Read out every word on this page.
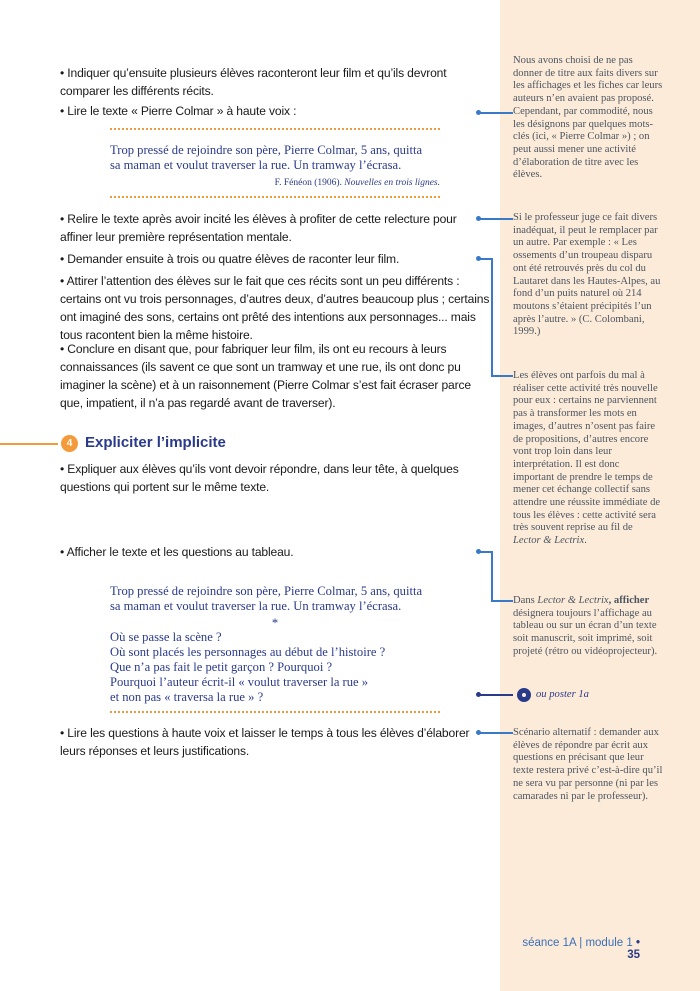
• Indiquer qu’ensuite plusieurs élèves raconteront leur film et qu’ils devront comparer les différents récits.

• Lire le texte « Pierre Colmar » à haute voix :

Trop pressé de rejoindre son père, Pierre Colmar, 5 ans, quitta
sa maman et voulut traverser la rue. Un tramway l’écrasa.
F. Fénéon (1906). Nouvelles en trois lignes.

• Relire le texte après avoir incité les élèves à profiter de cette relecture pour affiner leur première représentation mentale.

• Demander ensuite à trois ou quatre élèves de raconter leur film.

• Attirer l’attention des élèves sur le fait que ces récits sont un peu différents : certains ont vu trois personnages, d’autres deux, d’autres beaucoup plus ; certains ont imaginé des sons, certains ont prêté des intentions aux personnages... mais tous racontent bien la même histoire.

• Conclure en disant que, pour fabriquer leur film, ils ont eu recours à leurs connaissances (ils savent ce que sont un tramway et une rue, ils ont donc pu imaginer la scène) et à un raisonnement (Pierre Colmar s’est fait écraser parce que, impatient, il n’a pas regardé avant de traverser).

4 Expliciter l’implicite

• Expliquer aux élèves qu’ils vont devoir répondre, dans leur tête, à quelques questions qui portent sur le même texte.

• Afficher le texte et les questions au tableau.

Trop pressé de rejoindre son père, Pierre Colmar, 5 ans, quitta
sa maman et voulut traverser la rue. Un tramway l’écrasa.
*
Où se passe la scène ?
Où sont placés les personnages au début de l’histoire ?
Que n’a pas fait le petit garçon ? Pourquoi ?
Pourquoi l’auteur écrit-il « voulut traverser la rue »
et non pas « traversa la rue » ?

• Lire les questions à haute voix et laisser le temps à tous les élèves d’élaborer leurs réponses et leurs justifications.

Nous avons choisi de ne pas donner de titre aux faits divers sur les affichages et les fiches car leurs auteurs n’en avaient pas proposé. Cependant, par commodité, nous les désignons par quelques mots-clés (ici, « Pierre Colmar ») ; on peut aussi mener une activité d’élaboration de titre avec les élèves.
Si le professeur juge ce fait divers inadéquat, il peut le remplacer par un autre. Par exemple : « Les ossements d’un troupeau disparu ont été retrouvés près du col du Lautaret dans les Hautes-Alpes, au fond d’un puits naturel où 214 moutons s’étaient précipités l’un après l’autre. » (C. Colombani, 1999.)
Les élèves ont parfois du mal à réaliser cette activité très nouvelle pour eux : certains ne parviennent pas à transformer les mots en images, d’autres n’osent pas faire de propositions, d’autres encore vont trop loin dans leur interprétation. Il est donc important de prendre le temps de mener cet échange collectif sans attendre une réussite immédiate de tous les élèves : cette activité sera très souvent reprise au fil de Lector & Lectrix.
Dans Lector & Lectrix, afficher désignera toujours l’affichage au tableau ou sur un écran d’un texte soit manuscrit, soit imprimé, soit projeté (rétro ou vidéoprojecteur).
ou poster 1a
Scénario alternatif : demander aux élèves de répondre par écrit aux questions en précisant que leur texte restera privé c’est-à-dire qu’il ne sera vu par personne (ni par les camarades ni par le professeur).
séance 1A | module 1 • 35
